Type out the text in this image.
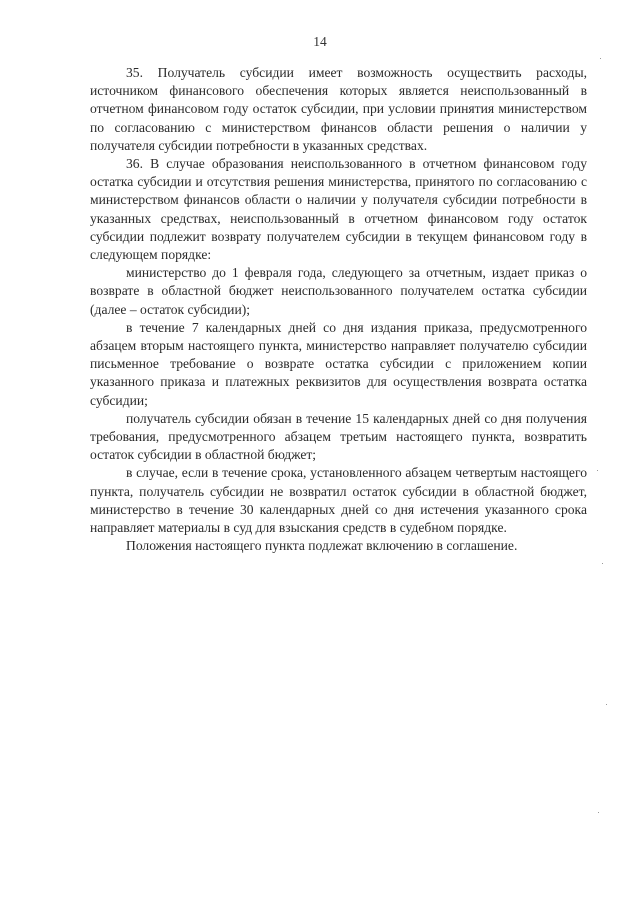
14

35. Получатель субсидии имеет возможность осуществить расходы, источником финансового обеспечения которых является неиспользованный в отчетном финансовом году остаток субсидии, при условии принятия министерством по согласованию с министерством финансов области решения о наличии у получателя субсидии потребности в указанных средствах.

36. В случае образования неиспользованного в отчетном финансовом году остатка субсидии и отсутствия решения министерства, принятого по согласованию с министерством финансов области о наличии у получателя субсидии потребности в указанных средствах, неиспользованный в отчетном финансовом году остаток субсидии подлежит возврату получателем субсидии в текущем финансовом году в следующем порядке:

министерство до 1 февраля года, следующего за отчетным, издает приказ о возврате в областной бюджет неиспользованного получателем остатка субсидии (далее – остаток субсидии);

в течение 7 календарных дней со дня издания приказа, предусмотренного абзацем вторым настоящего пункта, министерство направляет получателю субсидии письменное требование о возврате остатка субсидии с приложением копии указанного приказа и платежных реквизитов для осуществления возврата остатка субсидии;

получатель субсидии обязан в течение 15 календарных дней со дня получения требования, предусмотренного абзацем третьим настоящего пункта, возвратить остаток субсидии в областной бюджет;

в случае, если в течение срока, установленного абзацем четвертым настоящего пункта, получатель субсидии не возвратил остаток субсидии в областной бюджет, министерство в течение 30 календарных дней со дня истечения указанного срока направляет материалы в суд для взыскания средств в судебном порядке.

Положения настоящего пункта подлежат включению в соглашение.
